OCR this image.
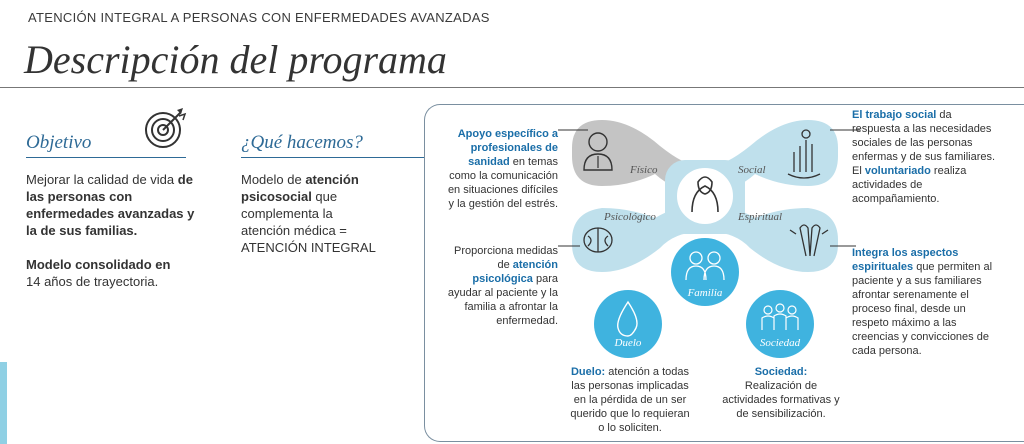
ATENCIÓN INTEGRAL A PERSONAS CON ENFERMEDADES AVANZADAS
Descripción del programa
Objetivo
Mejorar la calidad de vida de las personas con enfermedades avanzadas y la de sus familias.
Modelo consolidado en
14 años de trayectoria.
¿Qué hacemos?
Modelo de atención psicosocial que complementa la atención médica = ATENCIÓN INTEGRAL
Físico	Social
Psicológico	Espiritual
Familia
Duelo	Sociedad
Apoyo específico a profesionales de sanidad en temas como la comunicación en situaciones difíciles y la gestión del estrés.
El trabajo social da respuesta a las necesidades sociales de las personas enfermas y de sus familiares.
El voluntariado realiza actividades de acompañamiento.
Proporciona medidas de atención psicológica para ayudar al paciente y la familia a afrontar la enfermedad.
Integra los aspectos espirituales que permiten al paciente y a sus familiares afrontar serenamente el proceso final, desde un respeto máximo a las creencias y convicciones de cada persona.
Duelo: atención a todas las personas implicadas en la pérdida de un ser querido que lo requieran o lo soliciten.
Sociedad:
Realización de actividades formativas y de sensibilización.
